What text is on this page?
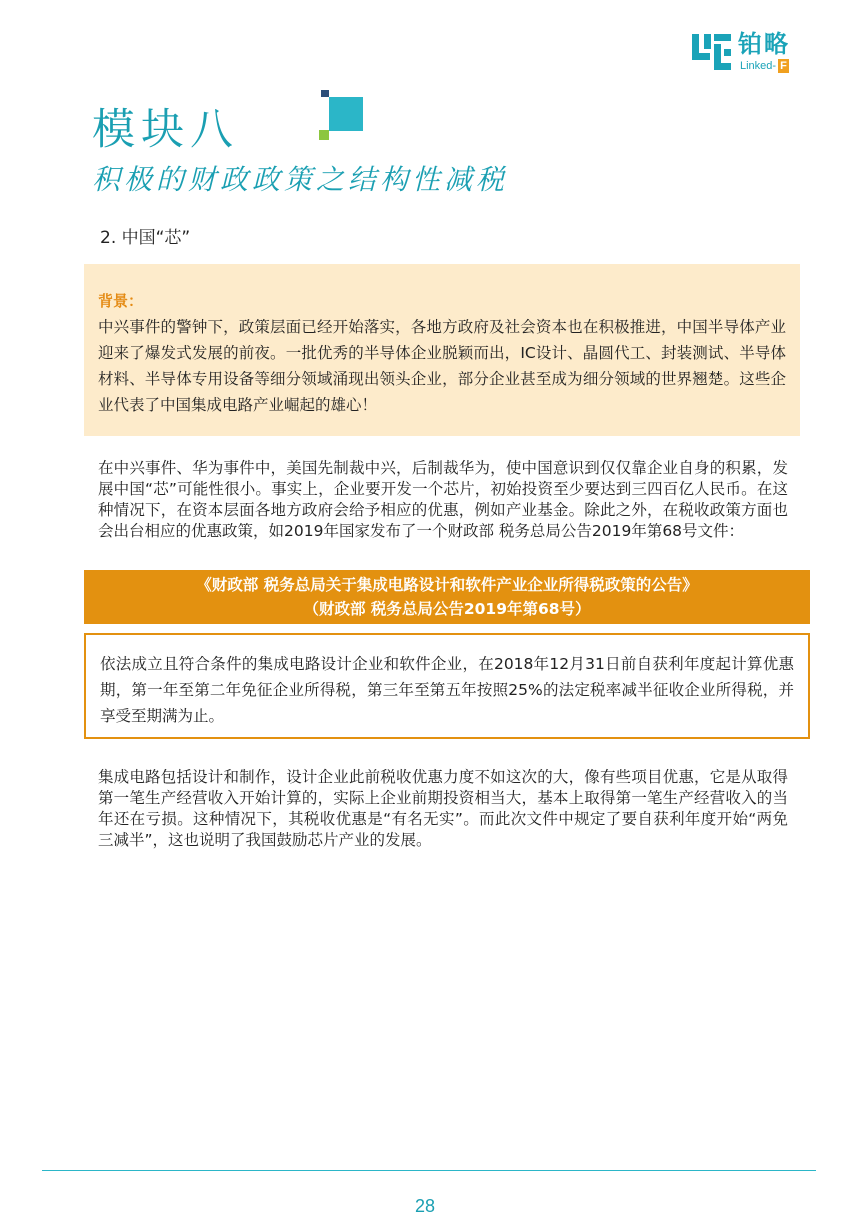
铂略
Linked- F
模块八
积极的财政政策之结构性减税
2. 中国“芯”
背景：

中兴事件的警钟下，政策层面已经开始落实，各地方政府及社会资本也在积极推进，中国半导体产业迎来了爆发式发展的前夜。一批优秀的半导体企业脱颖而出，IC设计、晶圆代工、封装测试、半导体材料、半导体专用设备等细分领域涌现出领头企业，部分企业甚至成为细分领域的世界翘楚。这些企业代表了中国集成电路产业崛起的雄心！

在中兴事件、华为事件中，美国先制裁中兴，后制裁华为，使中国意识到仅仅靠企业自身的积累，发展中国“芯”可能性很小。事实上，企业要开发一个芯片，初始投资至少要达到三四百亿人民币。在这种情况下，在资本层面各地方政府会给予相应的优惠，例如产业基金。除此之外，在税收政策方面也会出台相应的优惠政策，如2019年国家发布了一个财政部 税务总局公告2019年第68号文件：

《财政部 税务总局关于集成电路设计和软件产业企业所得税政策的公告》
（财政部 税务总局公告2019年第68号）

依法成立且符合条件的集成电路设计企业和软件企业，在2018年12月31日前自获利年度起计算优惠期，第一年至第二年免征企业所得税，第三年至第五年按照25%的法定税率减半征收企业所得税，并享受至期满为止。

集成电路包括设计和制作，设计企业此前税收优惠力度不如这次的大，像有些项目优惠，它是从取得第一笔生产经营收入开始计算的，实际上企业前期投资相当大，基本上取得第一笔生产经营收入的当年还在亏损。这种情况下，其税收优惠是“有名无实”。而此次文件中规定了要自获利年度开始“两免三减半”，这也说明了我国鼓励芯片产业的发展。

28
